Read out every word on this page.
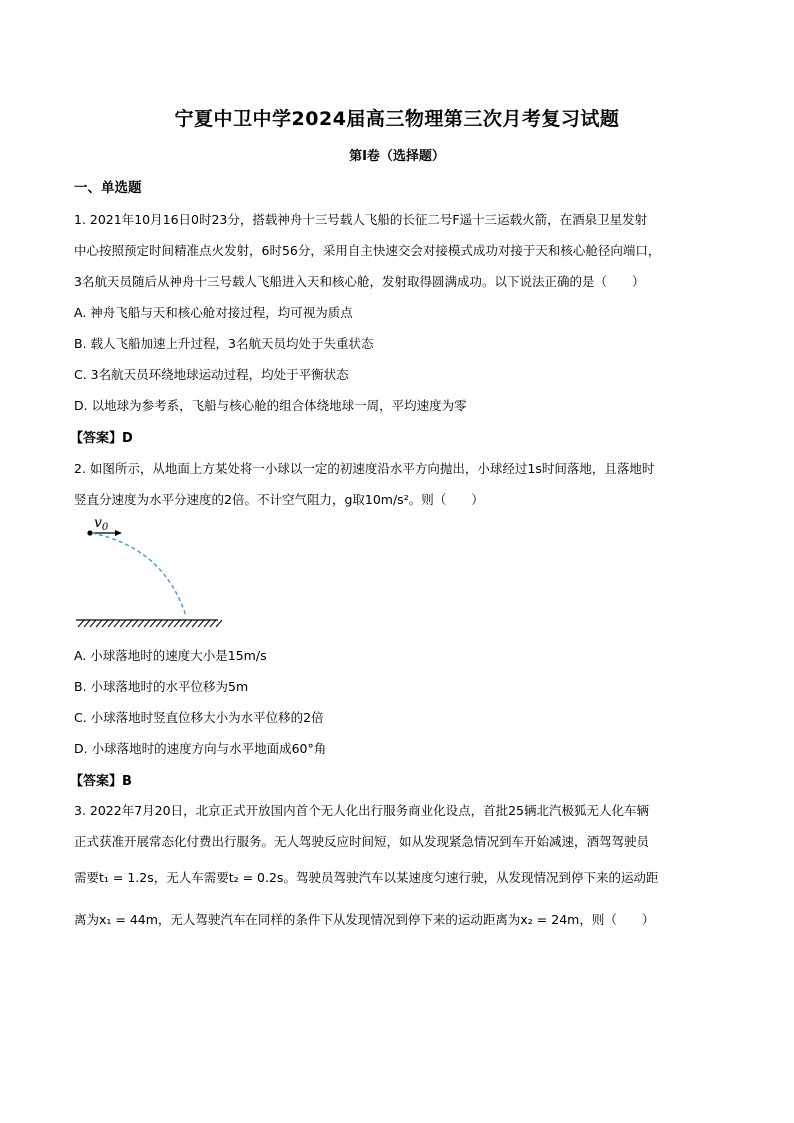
宁夏中卫中学2024届高三物理第三次月考复习试题
第Ⅰ卷（选择题）
一、单选题
1. 2021年10月16日0时23分，搭载神舟十三号载人飞船的长征二号F遥十三运载火箭，在酒泉卫星发射
中心按照预定时间精准点火发射，6时56分，采用自主快速交会对接模式成功对接于天和核心舱径向端口，
3名航天员随后从神舟十三号载人飞船进入天和核心舱，发射取得圆满成功。以下说法正确的是（　　）
A. 神舟飞船与天和核心舱对接过程，均可视为质点
B. 载人飞船加速上升过程，3名航天员均处于失重状态
C. 3名航天员环绕地球运动过程，均处于平衡状态
D. 以地球为参考系，飞船与核心舱的组合体绕地球一周，平均速度为零
【答案】D
2. 如图所示，从地面上方某处将一小球以一定的初速度沿水平方向抛出，小球经过1s时间落地，且落地时
竖直分速度为水平分速度的2倍。不计空气阻力，g取10m/s²。则（　　）
$v_0$
A. 小球落地时的速度大小是15m/s
B. 小球落地时的水平位移为5m
C. 小球落地时竖直位移大小为水平位移的2倍
D. 小球落地时的速度方向与水平地面成60°角
【答案】B
3. 2022年7月20日，北京正式开放国内首个无人化出行服务商业化设点，首批25辆北汽极狐无人化车辆
正式获准开展常态化付费出行服务。无人驾驶反应时间短，如从发现紧急情况到车开始减速，酒驾驾驶员
需要t₁ = 1.2s，无人车需要t₂ = 0.2s。驾驶员驾驶汽车以某速度匀速行驶，从发现情况到停下来的运动距
离为x₁ = 44m，无人驾驶汽车在同样的条件下从发现情况到停下来的运动距离为x₂ = 24m，则（　　）
